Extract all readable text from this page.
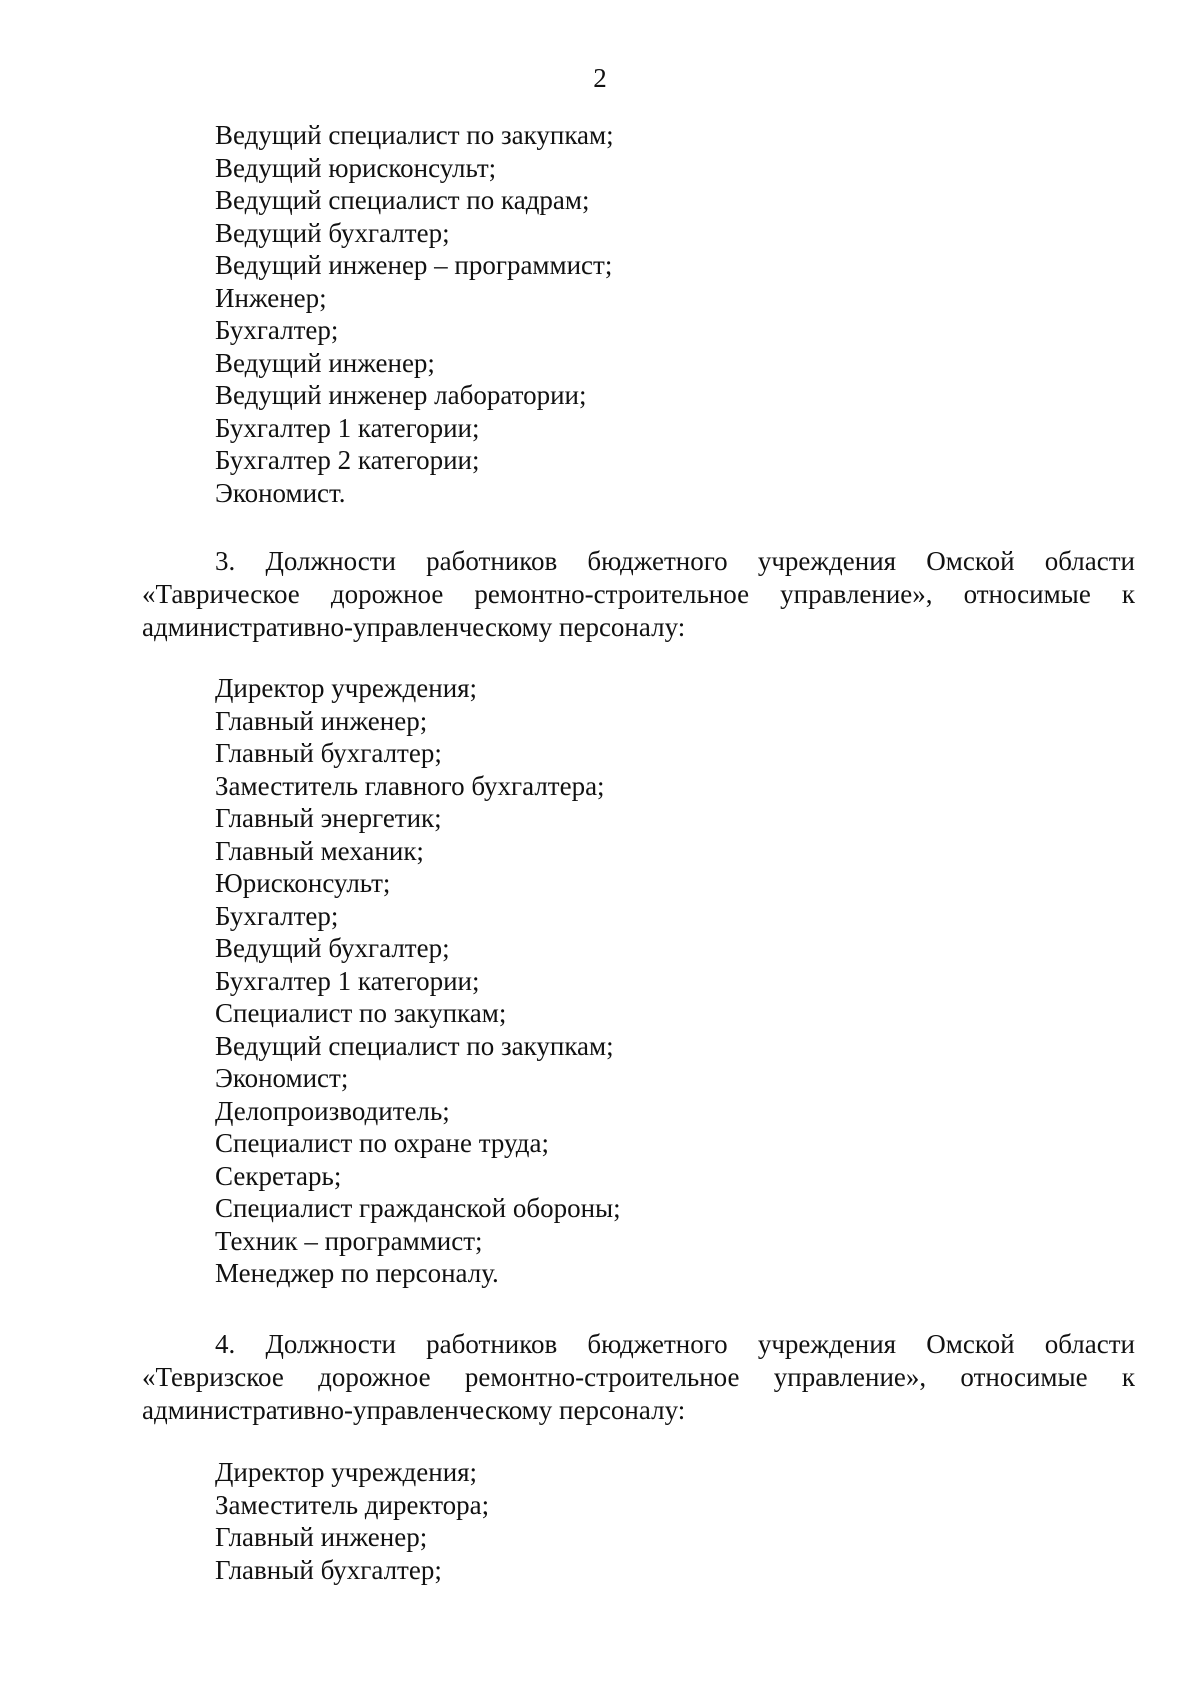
2
Ведущий специалист по закупкам;
Ведущий юрисконсульт;
Ведущий специалист по кадрам;
Ведущий бухгалтер;
Ведущий инженер – программист;
Инженер;
Бухгалтер;
Ведущий инженер;
Ведущий инженер лаборатории;
Бухгалтер 1 категории;
Бухгалтер 2 категории;
Экономист.
3. Должности работников бюджетного учреждения Омской области
«Таврическое дорожное ремонтно-строительное управление», относимые к
административно-управленческому персоналу:
Директор учреждения;
Главный инженер;
Главный бухгалтер;
Заместитель главного бухгалтера;
Главный энергетик;
Главный механик;
Юрисконсульт;
Бухгалтер;
Ведущий бухгалтер;
Бухгалтер 1 категории;
Специалист по закупкам;
Ведущий специалист по закупкам;
Экономист;
Делопроизводитель;
Специалист по охране труда;
Секретарь;
Специалист гражданской обороны;
Техник – программист;
Менеджер по персоналу.
4. Должности работников бюджетного учреждения Омской области
«Тевризское дорожное ремонтно-строительное управление», относимые к
административно-управленческому персоналу:
Директор учреждения;
Заместитель директора;
Главный инженер;
Главный бухгалтер;
